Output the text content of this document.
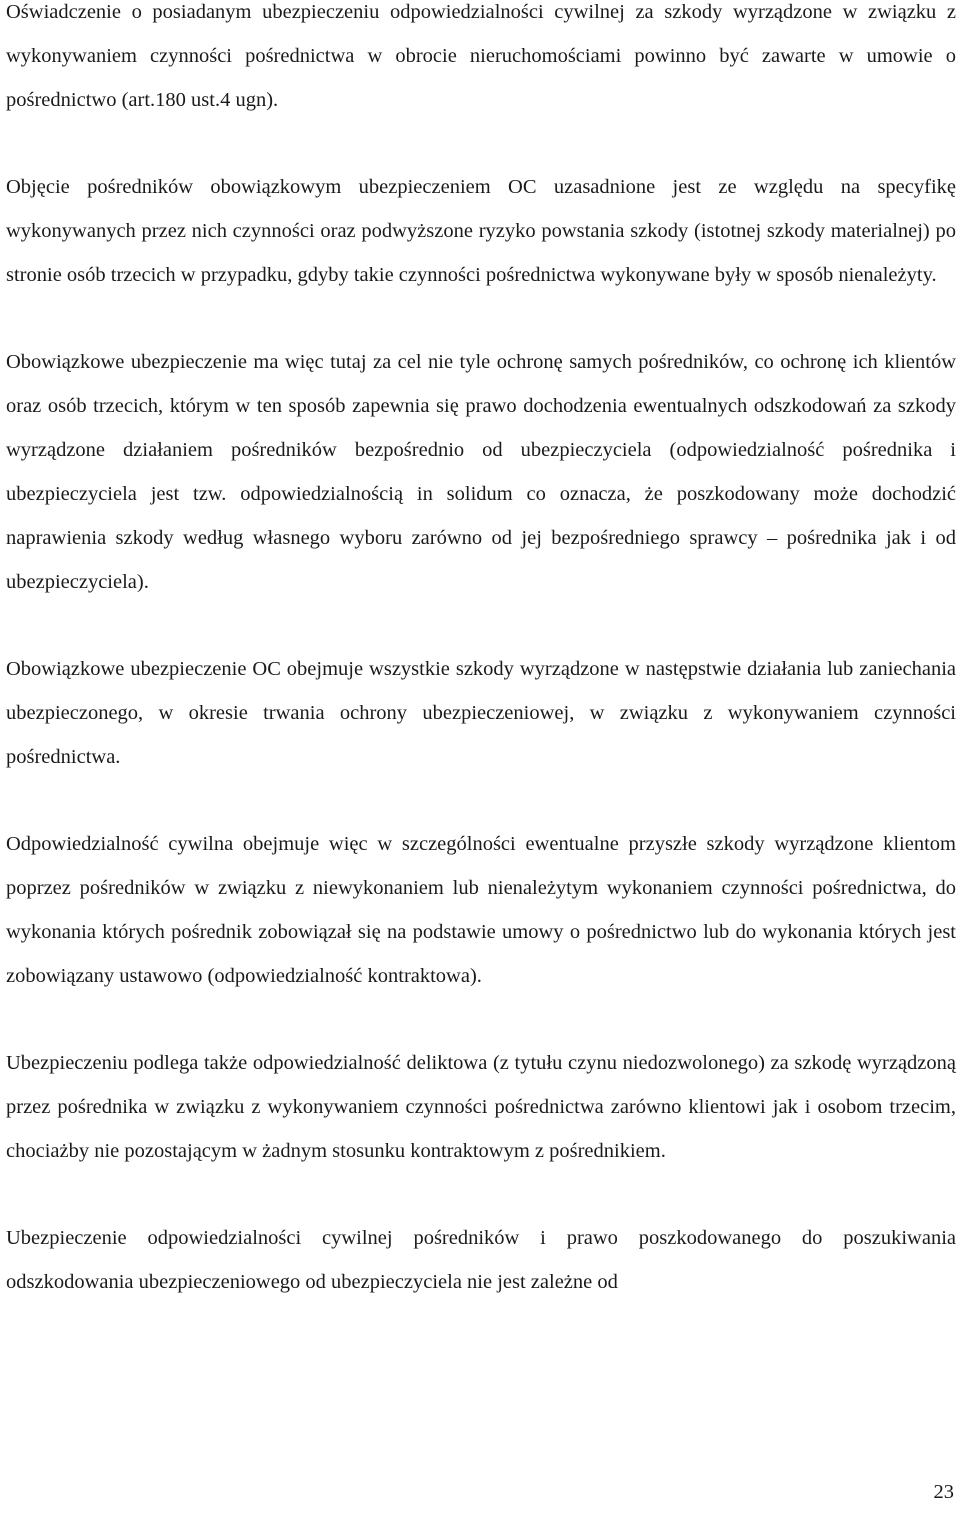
Oświadczenie o posiadanym ubezpieczeniu odpowiedzialności cywilnej za szkody wyrządzone w związku z wykonywaniem czynności pośrednictwa w obrocie nieruchomościami powinno być zawarte w umowie o pośrednictwo (art.180 ust.4 ugn).

Objęcie pośredników obowiązkowym ubezpieczeniem OC uzasadnione jest ze względu na specyfikę wykonywanych przez nich czynności oraz podwyższone ryzyko powstania szkody (istotnej szkody materialnej) po stronie osób trzecich w przypadku, gdyby takie czynności pośrednictwa wykonywane były w sposób nienależyty.

Obowiązkowe ubezpieczenie ma więc tutaj za cel nie tyle ochronę samych pośredników, co ochronę ich klientów oraz osób trzecich, którym w ten sposób zapewnia się prawo dochodzenia ewentualnych odszkodowań za szkody wyrządzone działaniem pośredników bezpośrednio od ubezpieczyciela (odpowiedzialność pośrednika i ubezpieczyciela jest tzw. odpowiedzialnością in solidum co oznacza, że poszkodowany może dochodzić naprawienia szkody według własnego wyboru zarówno od jej bezpośredniego sprawcy – pośrednika jak i od ubezpieczyciela).

Obowiązkowe ubezpieczenie OC obejmuje wszystkie szkody wyrządzone w następstwie działania lub zaniechania ubezpieczonego, w okresie trwania ochrony ubezpieczeniowej, w związku z wykonywaniem czynności pośrednictwa.

Odpowiedzialność cywilna obejmuje więc w szczególności ewentualne przyszłe szkody wyrządzone klientom poprzez pośredników w związku z niewykonaniem lub nienależytym wykonaniem czynności pośrednictwa, do wykonania których pośrednik zobowiązał się na podstawie umowy o pośrednictwo lub do wykonania których jest zobowiązany ustawowo (odpowiedzialność kontraktowa).

Ubezpieczeniu podlega także odpowiedzialność deliktowa (z tytułu czynu niedozwolonego) za szkodę wyrządzoną przez pośrednika w związku z wykonywaniem czynności pośrednictwa zarówno klientowi jak i osobom trzecim, chociażby nie pozostającym w żadnym stosunku kontraktowym z pośrednikiem.

Ubezpieczenie odpowiedzialności cywilnej pośredników i prawo poszkodowanego do poszukiwania odszkodowania ubezpieczeniowego od ubezpieczyciela nie jest zależne od

23
